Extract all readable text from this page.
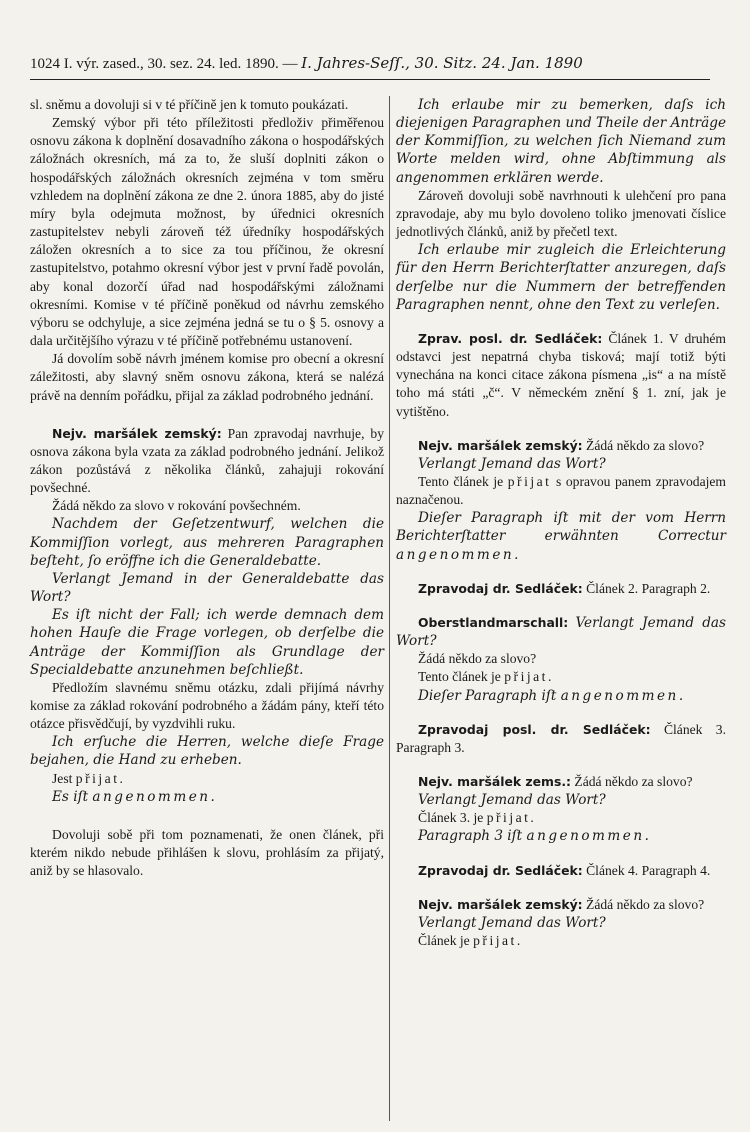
1024 I. výr. zased., 30. sez. 24. led. 1890. — I. Jahres-Seſſ., 30. Sitz. 24. Jan. 1890

sl. sněmu a dovoluji si v té příčině jen k tomuto poukázati.

Zemský výbor při této příležitosti předloživ přiměřenou osnovu zákona k doplnění dosavadního zákona o hospodářských záložnách okresních, má za to, že sluší doplniti zákon o hospodářských záložnách okresních zejména v tom směru vzhledem na doplnění zákona ze dne 2. února 1885, aby do jisté míry byla odejmuta možnost, by úřednici okresních zastupitelstev nebyli zároveň též úředníky hospodářských záložen okresních a to sice za tou příčinou, že okresní zastupitelstvo, potahmo okresní výbor jest v první řadě povolán, aby konal dozorčí úřad nad hospodářskými záložnami okresními. Komise v té příčině poněkud od návrhu zemského výboru se odchyluje, a sice zejména jedná se tu o § 5. osnovy a dala určitějšího výrazu v té příčině potřebnému ustanovení.

Já dovolím sobě návrh jménem komise pro obecní a okresní záležitosti, aby slavný sněm osnovu zákona, která se nalézá právě na denním pořádku, přijal za základ podrobného jednání.

Nejv. maršálek zemský: Pan zpravodaj navrhuje, by osnova zákona byla vzata za základ podrobného jednání. Jelikož zákon pozůstává z několika článků, zahajuji rokování povšechné.

Žádá někdo za slovo v rokování povšechném.

Nachdem der Geſetzentwurf, welchen die Kommiſſion vorlegt, aus mehreren Paragraphen beſteht, ſo eröffne ich die Generaldebatte.

Verlangt Jemand in der Generaldebatte das Wort?

Es iſt nicht der Fall; ich werde demnach dem hohen Hauſe die Frage vorlegen, ob derſelbe die Anträge der Kommiſſion als Grundlage der Specialdebatte anzunehmen beſchließt.

Předložím slavnému sněmu otázku, zdali přijímá návrhy komise za základ rokování podrobného a žádám pány, kteří této otázce přisvědčují, by vyzdvihli ruku.

Ich erſuche die Herren, welche dieſe Frage bejahen, die Hand zu erheben.

Jest přijat.

Es iſt angenommen.

Dovoluji sobě při tom poznamenati, že onen článek, při kterém nikdo nebude přihlášen k slovu, prohlásím za přijatý, aniž by se hlasovalo.

Ich erlaube mir zu bemerken, daſs ich diejenigen Paragraphen und Theile der Anträge der Kommiſſion, zu welchen ſich Niemand zum Worte melden wird, ohne Abſtimmung als angenommen erklären werde.

Zároveň dovoluji sobě navrhnouti k ulehčení pro pana zpravodaje, aby mu bylo dovoleno toliko jmenovati číslice jednotlivých článků, aniž by přečetl text.

Ich erlaube mir zugleich die Erleichterung für den Herrn Berichterſtatter anzuregen, daſs derſelbe nur die Nummern der betreffenden Paragraphen nennt, ohne den Text zu verleſen.

Zprav. posl. dr. Sedláček: Článek 1. V druhém odstavci jest nepatrná chyba tisková; mají totiž býti vynechána na konci citace zákona písmena „is“ a na místě toho má státi „č“. V německém znění § 1. zní, jak je vytištěno.

Nejv. maršálek zemský: Žádá někdo za slovo?

Verlangt Jemand das Wort?

Tento článek je přijat s opravou panem zpravodajem naznačenou.

Dieſer Paragraph iſt mit der vom Herrn Berichterſtatter erwähnten Correctur angenommen.

Zpravodaj dr. Sedláček: Článek 2. Paragraph 2.

Oberstlandmarschall: Verlangt Jemand das Wort?

Žádá někdo za slovo?

Tento článek je přijat.

Dieſer Paragraph iſt angenommen.

Zpravodaj posl. dr. Sedláček: Článek 3. Paragraph 3.

Nejv. maršálek zems.: Žádá někdo za slovo?

Verlangt Jemand das Wort?

Článek 3. je přijat.

Paragraph 3 iſt angenommen.

Zpravodaj dr. Sedláček: Článek 4. Paragraph 4.

Nejv. maršálek zemský: Žádá někdo za slovo?

Verlangt Jemand das Wort?

Článek je přijat.
